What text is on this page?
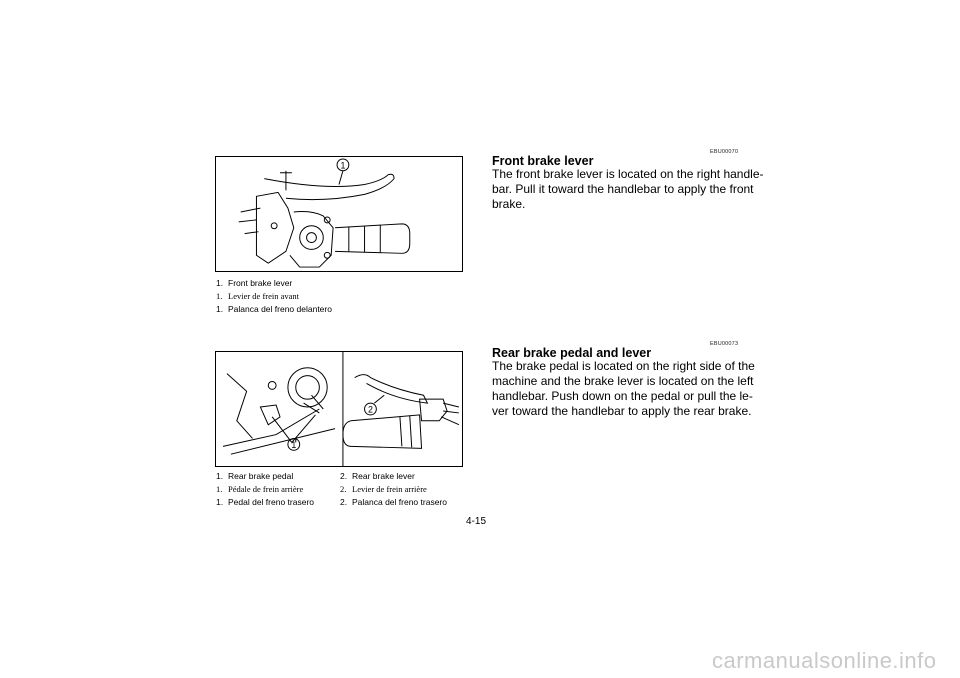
1
1. Front brake lever
1. Levier de frein avant
1. Palanca del freno delantero
1
2
1. Rear brake pedal
1. Pédale de frein arrière
1. Pedal del freno trasero
2. Rear brake lever
2. Levier de frein arrière
2. Palanca del freno trasero
EBU00070
Front brake lever
The front brake lever is located on the right handle-
bar. Pull it toward the handlebar to apply the front
brake.
EBU00073
Rear brake pedal and lever
The brake pedal is located on the right side of the
machine and the brake lever is located on the left
handlebar. Push down on the pedal or pull the le-
ver toward the handlebar to apply the rear brake.
4-15
carmanualsonline.info
